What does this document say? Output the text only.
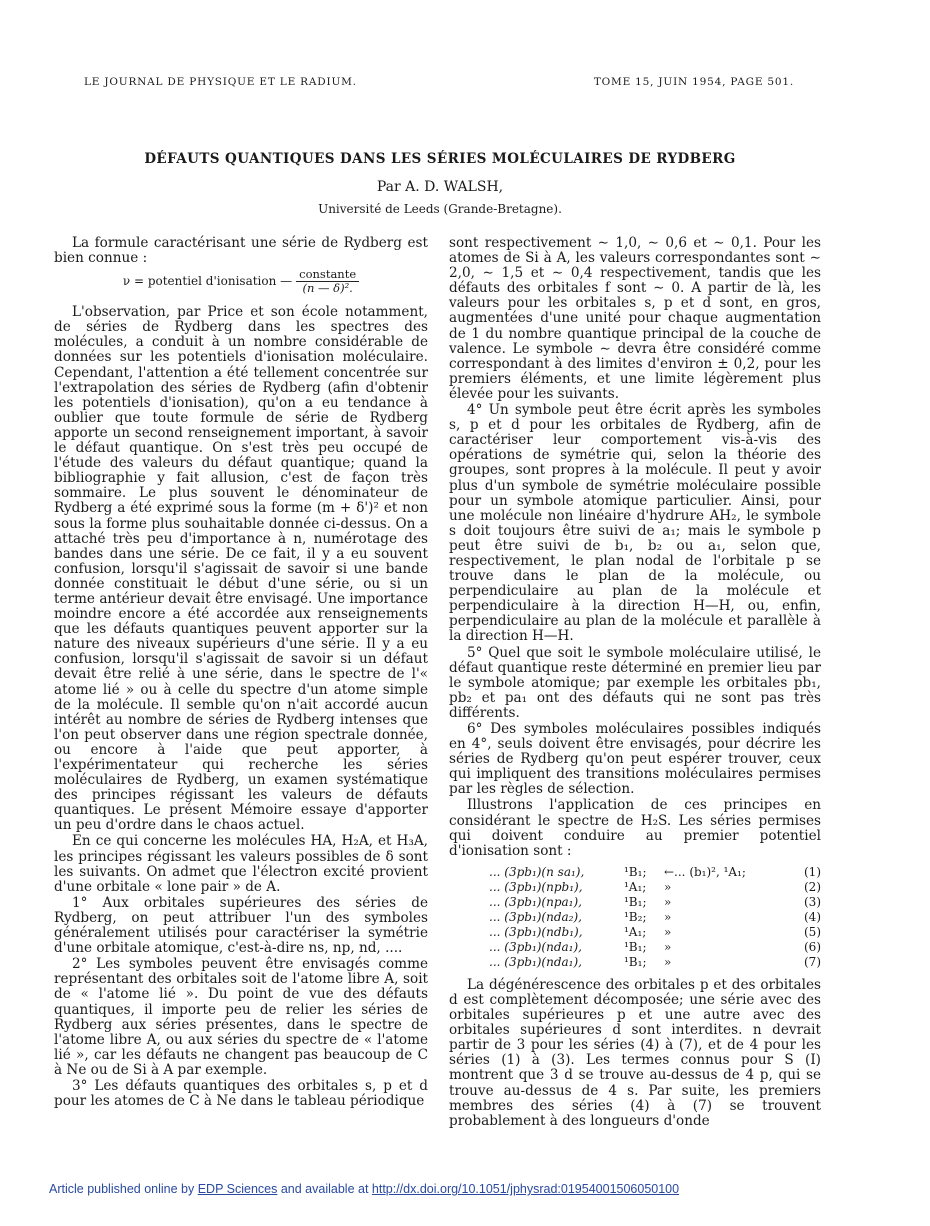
LE JOURNAL DE PHYSIQUE ET LE RADIUM.	TOME 15, JUIN 1954, PAGE 501.
DÉFAUTS QUANTIQUES DANS LES SÉRIES MOLÉCULAIRES DE RYDBERG
Par A. D. WALSH,
Université de Leeds (Grande-Bretagne).

La formule caractérisant une série de Rydberg est bien connue :

ν = potentiel d'ionisation — $\frac{\text{constante}}{\text{(n — δ)².}}$

L'observation, par Price et son école notamment, de séries de Rydberg dans les spectres des molécules, a conduit à un nombre considérable de données sur les potentiels d'ionisation moléculaire. Cependant, l'attention a été tellement concentrée sur l'extrapolation des séries de Rydberg (afin d'obtenir les potentiels d'ionisation), qu'on a eu tendance à oublier que toute formule de série de Rydberg apporte un second renseignement important, à savoir le défaut quantique. On s'est très peu occupé de l'étude des valeurs du défaut quantique; quand la bibliographie y fait allusion, c'est de façon très sommaire. Le plus souvent le dénominateur de Rydberg a été exprimé sous la forme (m + δ')² et non sous la forme plus souhaitable donnée ci-dessus. On a attaché très peu d'importance à n, numérotage des bandes dans une série. De ce fait, il y a eu souvent confusion, lorsqu'il s'agissait de savoir si une bande donnée constituait le début d'une série, ou si un terme antérieur devait être envisagé. Une importance moindre encore a été accordée aux renseignements que les défauts quantiques peuvent apporter sur la nature des niveaux supérieurs d'une série. Il y a eu confusion, lorsqu'il s'agissait de savoir si un défaut devait être relié à une série, dans le spectre de l'« atome lié » ou à celle du spectre d'un atome simple de la molécule. Il semble qu'on n'ait accordé aucun intérêt au nombre de séries de Rydberg intenses que l'on peut observer dans une région spectrale donnée, ou encore à l'aide que peut apporter, à l'expérimentateur qui recherche les séries moléculaires de Rydberg, un examen systématique des principes régissant les valeurs de défauts quantiques. Le présent Mémoire essaye d'apporter un peu d'ordre dans le chaos actuel.

En ce qui concerne les molécules HA, H₂A, et H₃A, les principes régissant les valeurs possibles de δ sont les suivants. On admet que l'électron excité provient d'une orbitale « lone pair » de A.

1° Aux orbitales supérieures des séries de Rydberg, on peut attribuer l'un des symboles généralement utilisés pour caractériser la symétrie d'une orbitale atomique, c'est-à-dire ns, np, nd, ....

2° Les symboles peuvent être envisagés comme représentant des orbitales soit de l'atome libre A, soit de « l'atome lié ». Du point de vue des défauts quantiques, il importe peu de relier les séries de Rydberg aux séries présentes, dans le spectre de l'atome libre A, ou aux séries du spectre de « l'atome lié », car les défauts ne changent pas beaucoup de C à Ne ou de Si à A par exemple.

3° Les défauts quantiques des orbitales s, p et d pour les atomes de C à Ne dans le tableau périodique

sont respectivement ∼ 1,0, ∼ 0,6 et ∼ 0,1. Pour les atomes de Si à A, les valeurs correspondantes sont ∼ 2,0, ∼ 1,5 et ∼ 0,4 respectivement, tandis que les défauts des orbitales f sont ∼ 0. A partir de là, les valeurs pour les orbitales s, p et d sont, en gros, augmentées d'une unité pour chaque augmentation de 1 du nombre quantique principal de la couche de valence. Le symbole ∼ devra être considéré comme correspondant à des limites d'environ ± 0,2, pour les premiers éléments, et une limite légèrement plus élevée pour les suivants.

4° Un symbole peut être écrit après les symboles s, p et d pour les orbitales de Rydberg, afin de caractériser leur comportement vis-à-vis des opérations de symétrie qui, selon la théorie des groupes, sont propres à la molécule. Il peut y avoir plus d'un symbole de symétrie moléculaire possible pour un symbole atomique particulier. Ainsi, pour une molécule non linéaire d'hydrure AH₂, le symbole s doit toujours être suivi de a₁; mais le symbole p peut être suivi de b₁, b₂ ou a₁, selon que, respectivement, le plan nodal de l'orbitale p se trouve dans le plan de la molécule, ou perpendiculaire au plan de la molécule et perpendiculaire à la direction H—H, ou, enfin, perpendiculaire au plan de la molécule et parallèle à la direction H—H.

5° Quel que soit le symbole moléculaire utilisé, le défaut quantique reste déterminé en premier lieu par le symbole atomique; par exemple les orbitales pb₁, pb₂ et pa₁ ont des défauts qui ne sont pas très différents.

6° Des symboles moléculaires possibles indiqués en 4°, seuls doivent être envisagés, pour décrire les séries de Rydberg qu'on peut espérer trouver, ceux qui impliquent des transitions moléculaires permises par les règles de sélection.

Illustrons l'application de ces principes en considérant le spectre de H₂S. Les séries permises qui doivent conduire au premier potentiel d'ionisation sont :

... (3pb₁)(n sa₁),	¹B₁;	←... (b₁)², ¹A₁;	(1)
... (3pb₁)(npb₁),	¹A₁;	»	(2)
... (3pb₁)(npa₁),	¹B₁;	»	(3)
... (3pb₁)(nda₂),	¹B₂;	»	(4)
... (3pb₁)(ndb₁),	¹A₁;	»	(5)
... (3pb₁)(nda₁),	¹B₁;	»	(6)
... (3pb₁)(nda₁),	¹B₁;	»	(7)

La dégénérescence des orbitales p et des orbitales d est complètement décomposée; une série avec des orbitales supérieures p et une autre avec des orbitales supérieures d sont interdites. n devrait partir de 3 pour les séries (4) à (7), et de 4 pour les séries (1) à (3). Les termes connus pour S (I) montrent que 3 d se trouve au-dessus de 4 p, qui se trouve au-dessus de 4 s. Par suite, les premiers membres des séries (4) à (7) se trouvent probablement à des longueurs d'onde

Article published online by EDP Sciences and available at http://dx.doi.org/10.1051/jphysrad:01954001506050100
